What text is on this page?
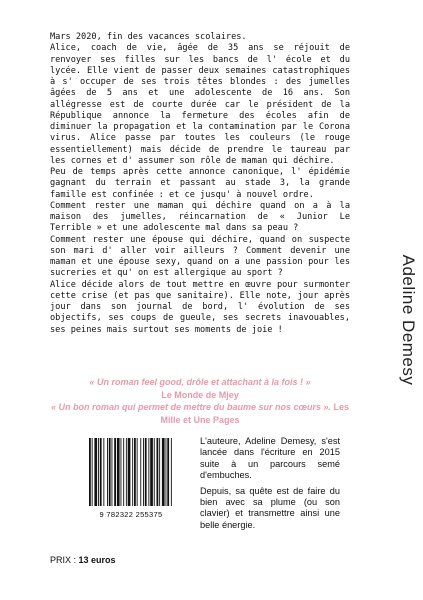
Mars 2020, fin des vacances scolaires.
Alice, coach de vie, âgée de 35 ans se réjouit de renvoyer ses filles sur les bancs de l' école et du lycée. Elle vient de passer deux semaines catastrophiques à s' occuper de ses trois têtes blondes : des jumelles âgées de 5 ans et une adolescente de 16 ans. Son allégresse est de courte durée car le président de la République annonce la fermeture des écoles afin de diminuer la propagation et la contamination par le Corona virus. Alice passe par toutes les couleurs (le rouge essentiellement) mais décide de prendre le taureau par les cornes et d' assumer son rôle de maman qui déchire.
Peu de temps après cette annonce canonique, l' épidémie gagnant du terrain et passant au stade 3, la grande famille est confinée : et ce jusqu' à nouvel ordre.
Comment rester une maman qui déchire quand on a à la maison des jumelles, réincarnation de « Junior Le Terrible » et une adolescente mal dans sa peau ?
Comment rester une épouse qui déchire, quand on suspecte son mari d' aller voir ailleurs ? Comment devenir une maman et une épouse sexy, quand on a une passion pour les sucreries et qu' on est allergique au sport ?
Alice décide alors de tout mettre en œuvre pour surmonter cette crise (et pas que sanitaire). Elle note, jour après jour dans son journal de bord, l' évolution de ses objectifs, ses coups de gueule, ses secrets inavouables, ses peines mais surtout ses moments de joie !	Adeline Demesy
« Un roman feel good, drôle et attachant à la fois ! »
Le Monde de Mjey
« Un bon roman qui permet de mettre du baume sur nos cœurs ». Les Mille et Une Pages
9 782322 255375

L'auteure, Adeline Demesy, s'est lancée dans l'écriture en 2015 suite à un parcours semé d'embuches.

Depuis, sa quête est de faire du bien avec sa plume (ou son clavier) et transmettre ainsi une belle énergie.

PRIX : 13 euros
